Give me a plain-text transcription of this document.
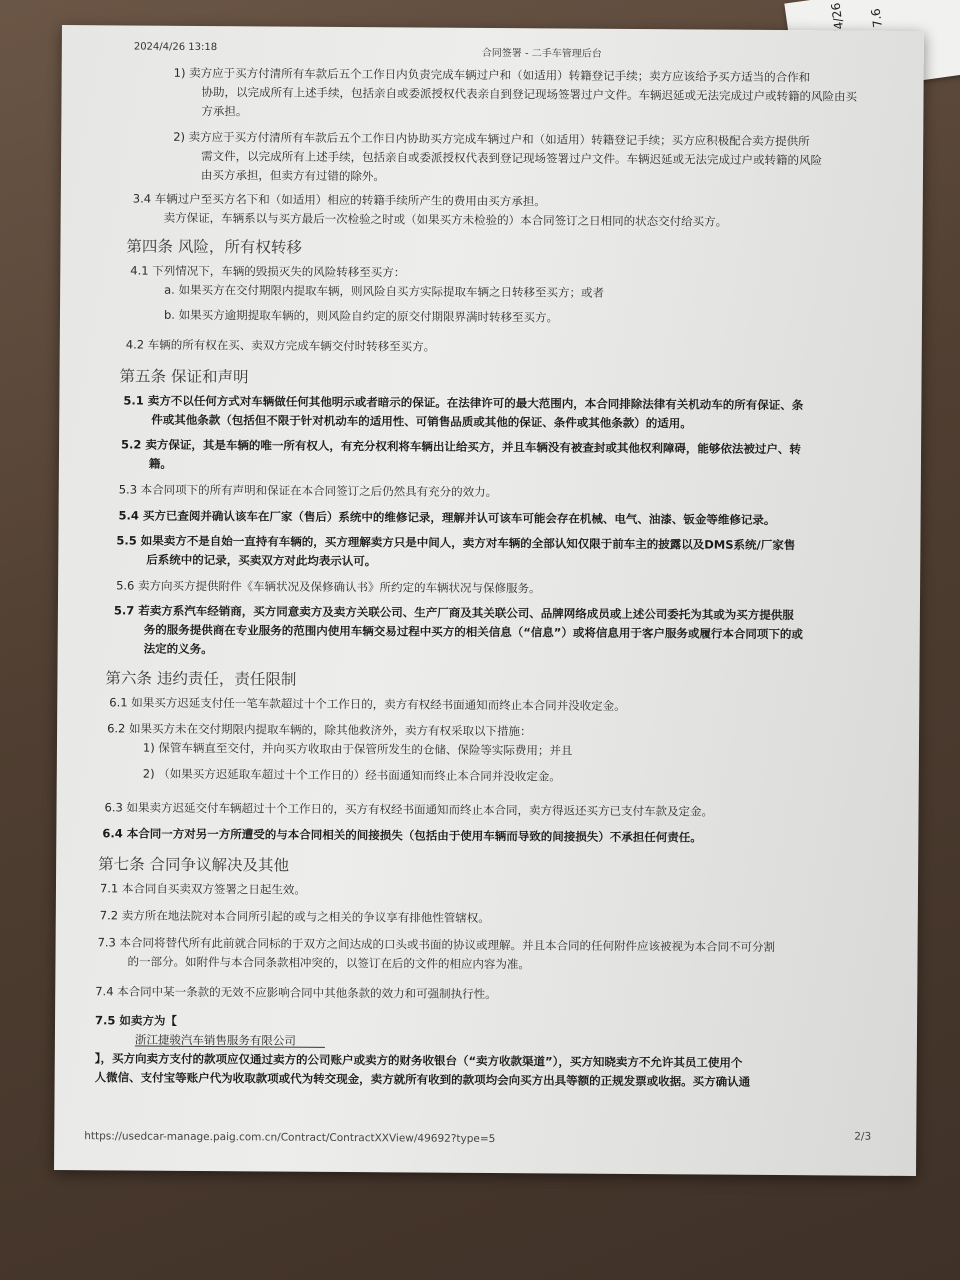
7.6
2024/4/26 13:18
合同签署 - 二手车管理后台
https://usedcar-manage.paig.com.cn/Contract/ContractXXView/49692?type=5	2/3
1) 卖方应于买方付清所有车款后五个工作日内负责完成车辆过户和（如适用）转籍登记手续；卖方应该给予买方适当的合作和
协助，以完成所有上述手续，包括亲自或委派授权代表亲自到登记现场签署过户文件。车辆迟延或无法完成过户或转籍的风险由买
方承担。
2) 卖方应于买方付清所有车款后五个工作日内协助买方完成车辆过户和（如适用）转籍登记手续；买方应积极配合卖方提供所
需文件，以完成所有上述手续，包括亲自或委派授权代表到登记现场签署过户文件。车辆迟延或无法完成过户或转籍的风险
由买方承担，但卖方有过错的除外。
3.4 车辆过户至买方名下和（如适用）相应的转籍手续所产生的费用由买方承担。
卖方保证，车辆系以与买方最后一次检验之时或（如果买方未检验的）本合同签订之日相同的状态交付给买方。
第四条 风险，所有权转移
4.1 下列情况下，车辆的毁损灭失的风险转移至买方：
a. 如果买方在交付期限内提取车辆，则风险自买方实际提取车辆之日转移至买方；或者
b. 如果买方逾期提取车辆的，则风险自约定的原交付期限界满时转移至买方。
4.2 车辆的所有权在买、卖双方完成车辆交付时转移至买方。
第五条 保证和声明
5.1 卖方不以任何方式对车辆做任何其他明示或者暗示的保证。在法律许可的最大范围内，本合同排除法律有关机动车的所有保证、条
件或其他条款（包括但不限于针对机动车的适用性、可销售品质或其他的保证、条件或其他条款）的适用。
5.2 卖方保证，其是车辆的唯一所有权人，有充分权利将车辆出让给买方，并且车辆没有被查封或其他权利障碍，能够依法被过户、转
籍。
5.3 本合同项下的所有声明和保证在本合同签订之后仍然具有充分的效力。
5.4 买方已查阅并确认该车在厂家（售后）系统中的维修记录，理解并认可该车可能会存在机械、电气、油漆、钣金等维修记录。
5.5 如果卖方不是自始一直持有车辆的，买方理解卖方只是中间人，卖方对车辆的全部认知仅限于前车主的披露以及DMS系统/厂家售
后系统中的记录，买卖双方对此均表示认可。
5.6 卖方向买方提供附件《车辆状况及保修确认书》所约定的车辆状况与保修服务。
5.7 若卖方系汽车经销商，买方同意卖方及卖方关联公司、生产厂商及其关联公司、品牌网络成员或上述公司委托为其或为买方提供服
务的服务提供商在专业服务的范围内使用车辆交易过程中买方的相关信息（“信息”）或将信息用于客户服务或履行本合同项下的或
法定的义务。
第六条 违约责任，责任限制
6.1 如果买方迟延支付任一笔车款超过十个工作日的，卖方有权经书面通知而终止本合同并没收定金。
6.2 如果买方未在交付期限内提取车辆的，除其他救济外，卖方有权采取以下措施：
1) 保管车辆直至交付，并向买方收取由于保管所发生的仓储、保险等实际费用；并且
2) （如果买方迟延取车超过十个工作日的）经书面通知而终止本合同并没收定金。
6.3 如果卖方迟延交付车辆超过十个工作日的，买方有权经书面通知而终止本合同，卖方得返还买方已支付车款及定金。
6.4 本合同一方对另一方所遭受的与本合同相关的间接损失（包括由于使用车辆而导致的间接损失）不承担任何责任。
第七条 合同争议解决及其他
7.1 本合同自买卖双方签署之日起生效。
7.2 卖方所在地法院对本合同所引起的或与之相关的争议享有排他性管辖权。
7.3 本合同将替代所有此前就合同标的于双方之间达成的口头或书面的协议或理解。并且本合同的任何附件应该被视为本合同不可分割
的一部分。如附件与本合同条款相冲突的，以签订在后的文件的相应内容为准。
7.4 本合同中某一条款的无效不应影响合同中其他条款的效力和可强制执行性。
7.5 如卖方为【
浙江捷骏汽车销售服务有限公司
】，买方向卖方支付的款项应仅通过卖方的公司账户或卖方的财务收银台（“卖方收款渠道”），买方知晓卖方不允许其员工使用个
人微信、支付宝等账户代为收取款项或代为转交现金，卖方就所有收到的款项均会向买方出具等额的正规发票或收据。买方确认通
